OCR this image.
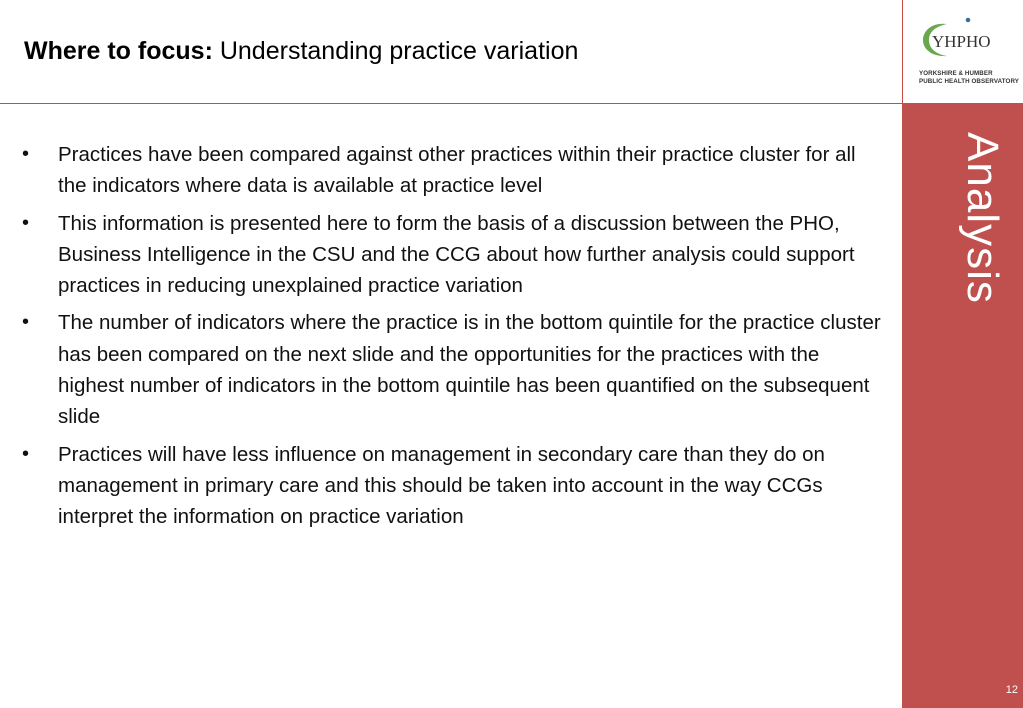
Where to focus: Understanding practice variation	YHPHO
YORKSHIRE & HUMBER
PUBLIC HEALTH OBSERVATORY
Analysis
• Practices have been compared against other practices within their practice cluster for all the indicators where data is available at practice level
• This information is presented here to form the basis of a discussion between the PHO, Business Intelligence in the CSU and the CCG about how further analysis could support practices in reducing unexplained practice variation
• The number of indicators where the practice is in the bottom quintile for the practice cluster has been compared on the next slide and the opportunities for the practices with the highest number of indicators in the bottom quintile has been quantified on the subsequent slide
• Practices will have less influence on management in secondary care than they do on management in primary care and this should be taken into account in the way CCGs interpret the information on practice variation
12
